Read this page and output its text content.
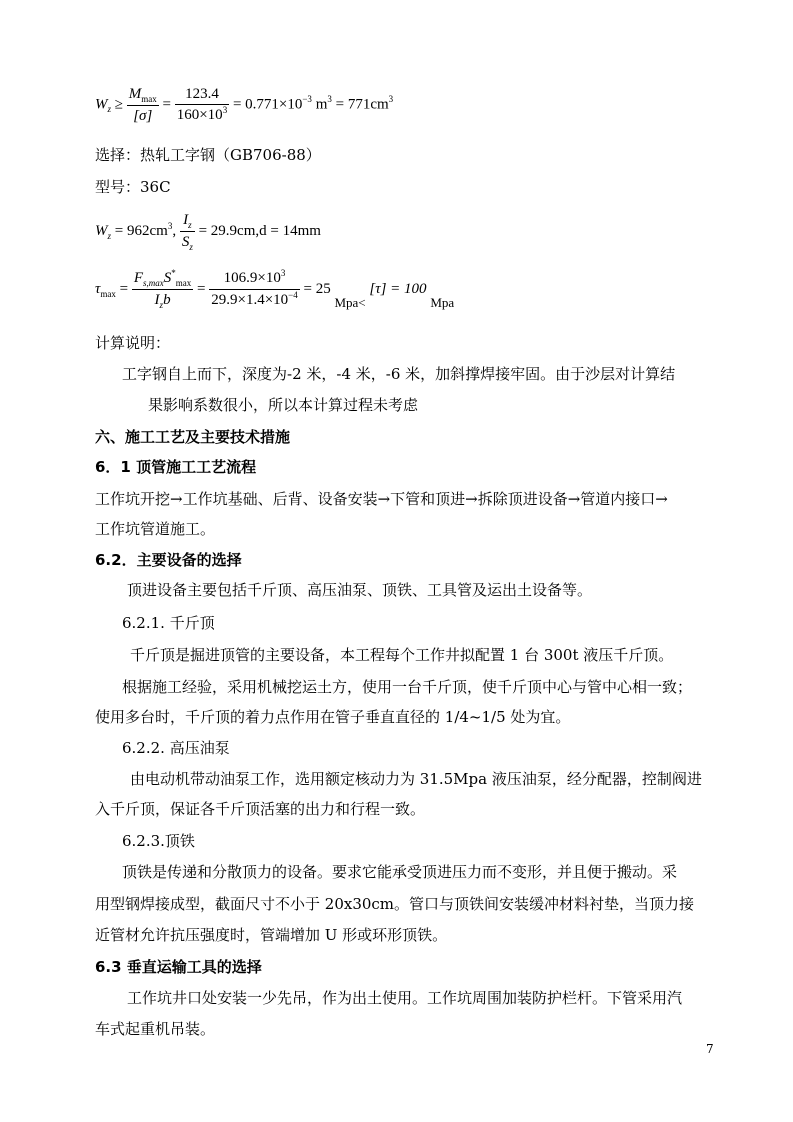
$W_z \ge \frac{M_{max}}{[\sigma]} = \frac{123.4}{160\times 10^3} = 0.771\times 10^{-3}$ $m^3 = 771cm^3$
选择：热轧工字钢（GB706-88）
型号：36C
$W_z = 962cm^3$, $\frac{I_z}{S_z} = 29.9cm,d = 14mm$
$\tau_{max} = \frac{F_{s,max}S^*_{max}}{I_zb} = \frac{106.9\times 10^3}{29.9\times 1.4\times 10^{-4}} = 25$ Mpa< [τ] = 100 Mpa
计算说明：
工字钢自上而下，深度为-2 米，-4 米，-6 米，加斜撑焊接牢固。由于沙层对计算结
果影响系数很小，所以本计算过程未考虑
六、施工工艺及主要技术措施
6．1 顶管施工工艺流程
工作坑开挖→工作坑基础、后背、设备安装→下管和顶进→拆除顶进设备→管道内接口→
工作坑管道施工。
6.2．主要设备的选择
顶进设备主要包括千斤顶、高压油泵、顶铁、工具管及运出土设备等。
6.2.1. 千斤顶
千斤顶是掘进顶管的主要设备，本工程每个工作井拟配置 1 台 300t 液压千斤顶。
根据施工经验，采用机械挖运土方，使用一台千斤顶，使千斤顶中心与管中心相一致；
使用多台时，千斤顶的着力点作用在管子垂直直径的 1/4~1/5 处为宜。
6.2.2. 高压油泵
由电动机带动油泵工作，选用额定核动力为 31.5Mpa 液压油泵，经分配器，控制阀进
入千斤顶，保证各千斤顶活塞的出力和行程一致。
6.2.3.顶铁
顶铁是传递和分散顶力的设备。要求它能承受顶进压力而不变形，并且便于搬动。采
用型钢焊接成型，截面尺寸不小于 20x30cm。管口与顶铁间安装缓冲材料衬垫，当顶力接
近管材允许抗压强度时，管端增加 U 形或环形顶铁。
6.3 垂直运输工具的选择
工作坑井口处安装一少先吊，作为出土使用。工作坑周围加装防护栏杆。下管采用汽
车式起重机吊装。
7
